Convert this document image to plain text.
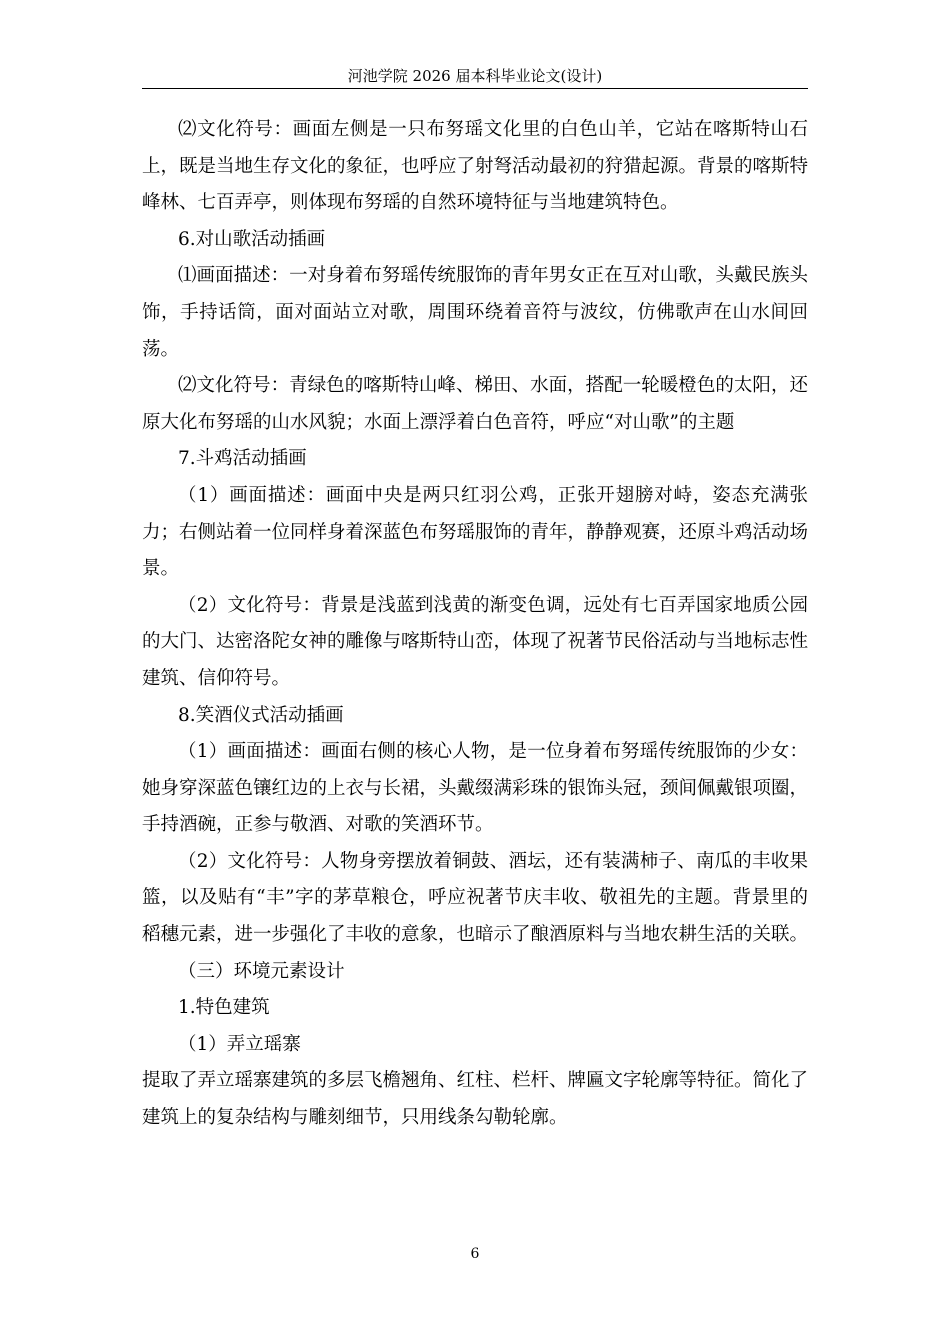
河池学院 2026 届本科毕业论文(设计)

⑵文化符号：画面左侧是一只布努瑶文化里的白色山羊，它站在喀斯特山石上，既是当地生存文化的象征，也呼应了射弩活动最初的狩猎起源。背景的喀斯特峰林、七百弄亭，则体现布努瑶的自然环境特征与当地建筑特色。

6.对山歌活动插画

⑴画面描述：一对身着布努瑶传统服饰的青年男女正在互对山歌，头戴民族头饰，手持话筒，面对面站立对歌，周围环绕着音符与波纹，仿佛歌声在山水间回荡。

⑵文化符号：青绿色的喀斯特山峰、梯田、水面，搭配一轮暖橙色的太阳，还原大化布努瑶的山水风貌；水面上漂浮着白色音符，呼应“对山歌”的主题

7.斗鸡活动插画

（1）画面描述：画面中央是两只红羽公鸡，正张开翅膀对峙，姿态充满张力；右侧站着一位同样身着深蓝色布努瑶服饰的青年，静静观赛，还原斗鸡活动场景。

（2）文化符号：背景是浅蓝到浅黄的渐变色调，远处有七百弄国家地质公园的大门、达密洛陀女神的雕像与喀斯特山峦，体现了祝著节民俗活动与当地标志性建筑、信仰符号。

8.笑酒仪式活动插画

（1）画面描述：画面右侧的核心人物，是一位身着布努瑶传统服饰的少女：她身穿深蓝色镶红边的上衣与长裙，头戴缀满彩珠的银饰头冠，颈间佩戴银项圈，手持酒碗，正参与敬酒、对歌的笑酒环节。

（2）文化符号：人物身旁摆放着铜鼓、酒坛，还有装满柿子、南瓜的丰收果篮，以及贴有“丰”字的茅草粮仓，呼应祝著节庆丰收、敬祖先的主题。背景里的稻穗元素，进一步强化了丰收的意象，也暗示了酿酒原料与当地农耕生活的关联。

（三）环境元素设计

1.特色建筑

（1）弄立瑶寨

提取了弄立瑶寨建筑的多层飞檐翘角、红柱、栏杆、牌匾文字轮廓等特征。简化了建筑上的复杂结构与雕刻细节，只用线条勾勒轮廓。

6
